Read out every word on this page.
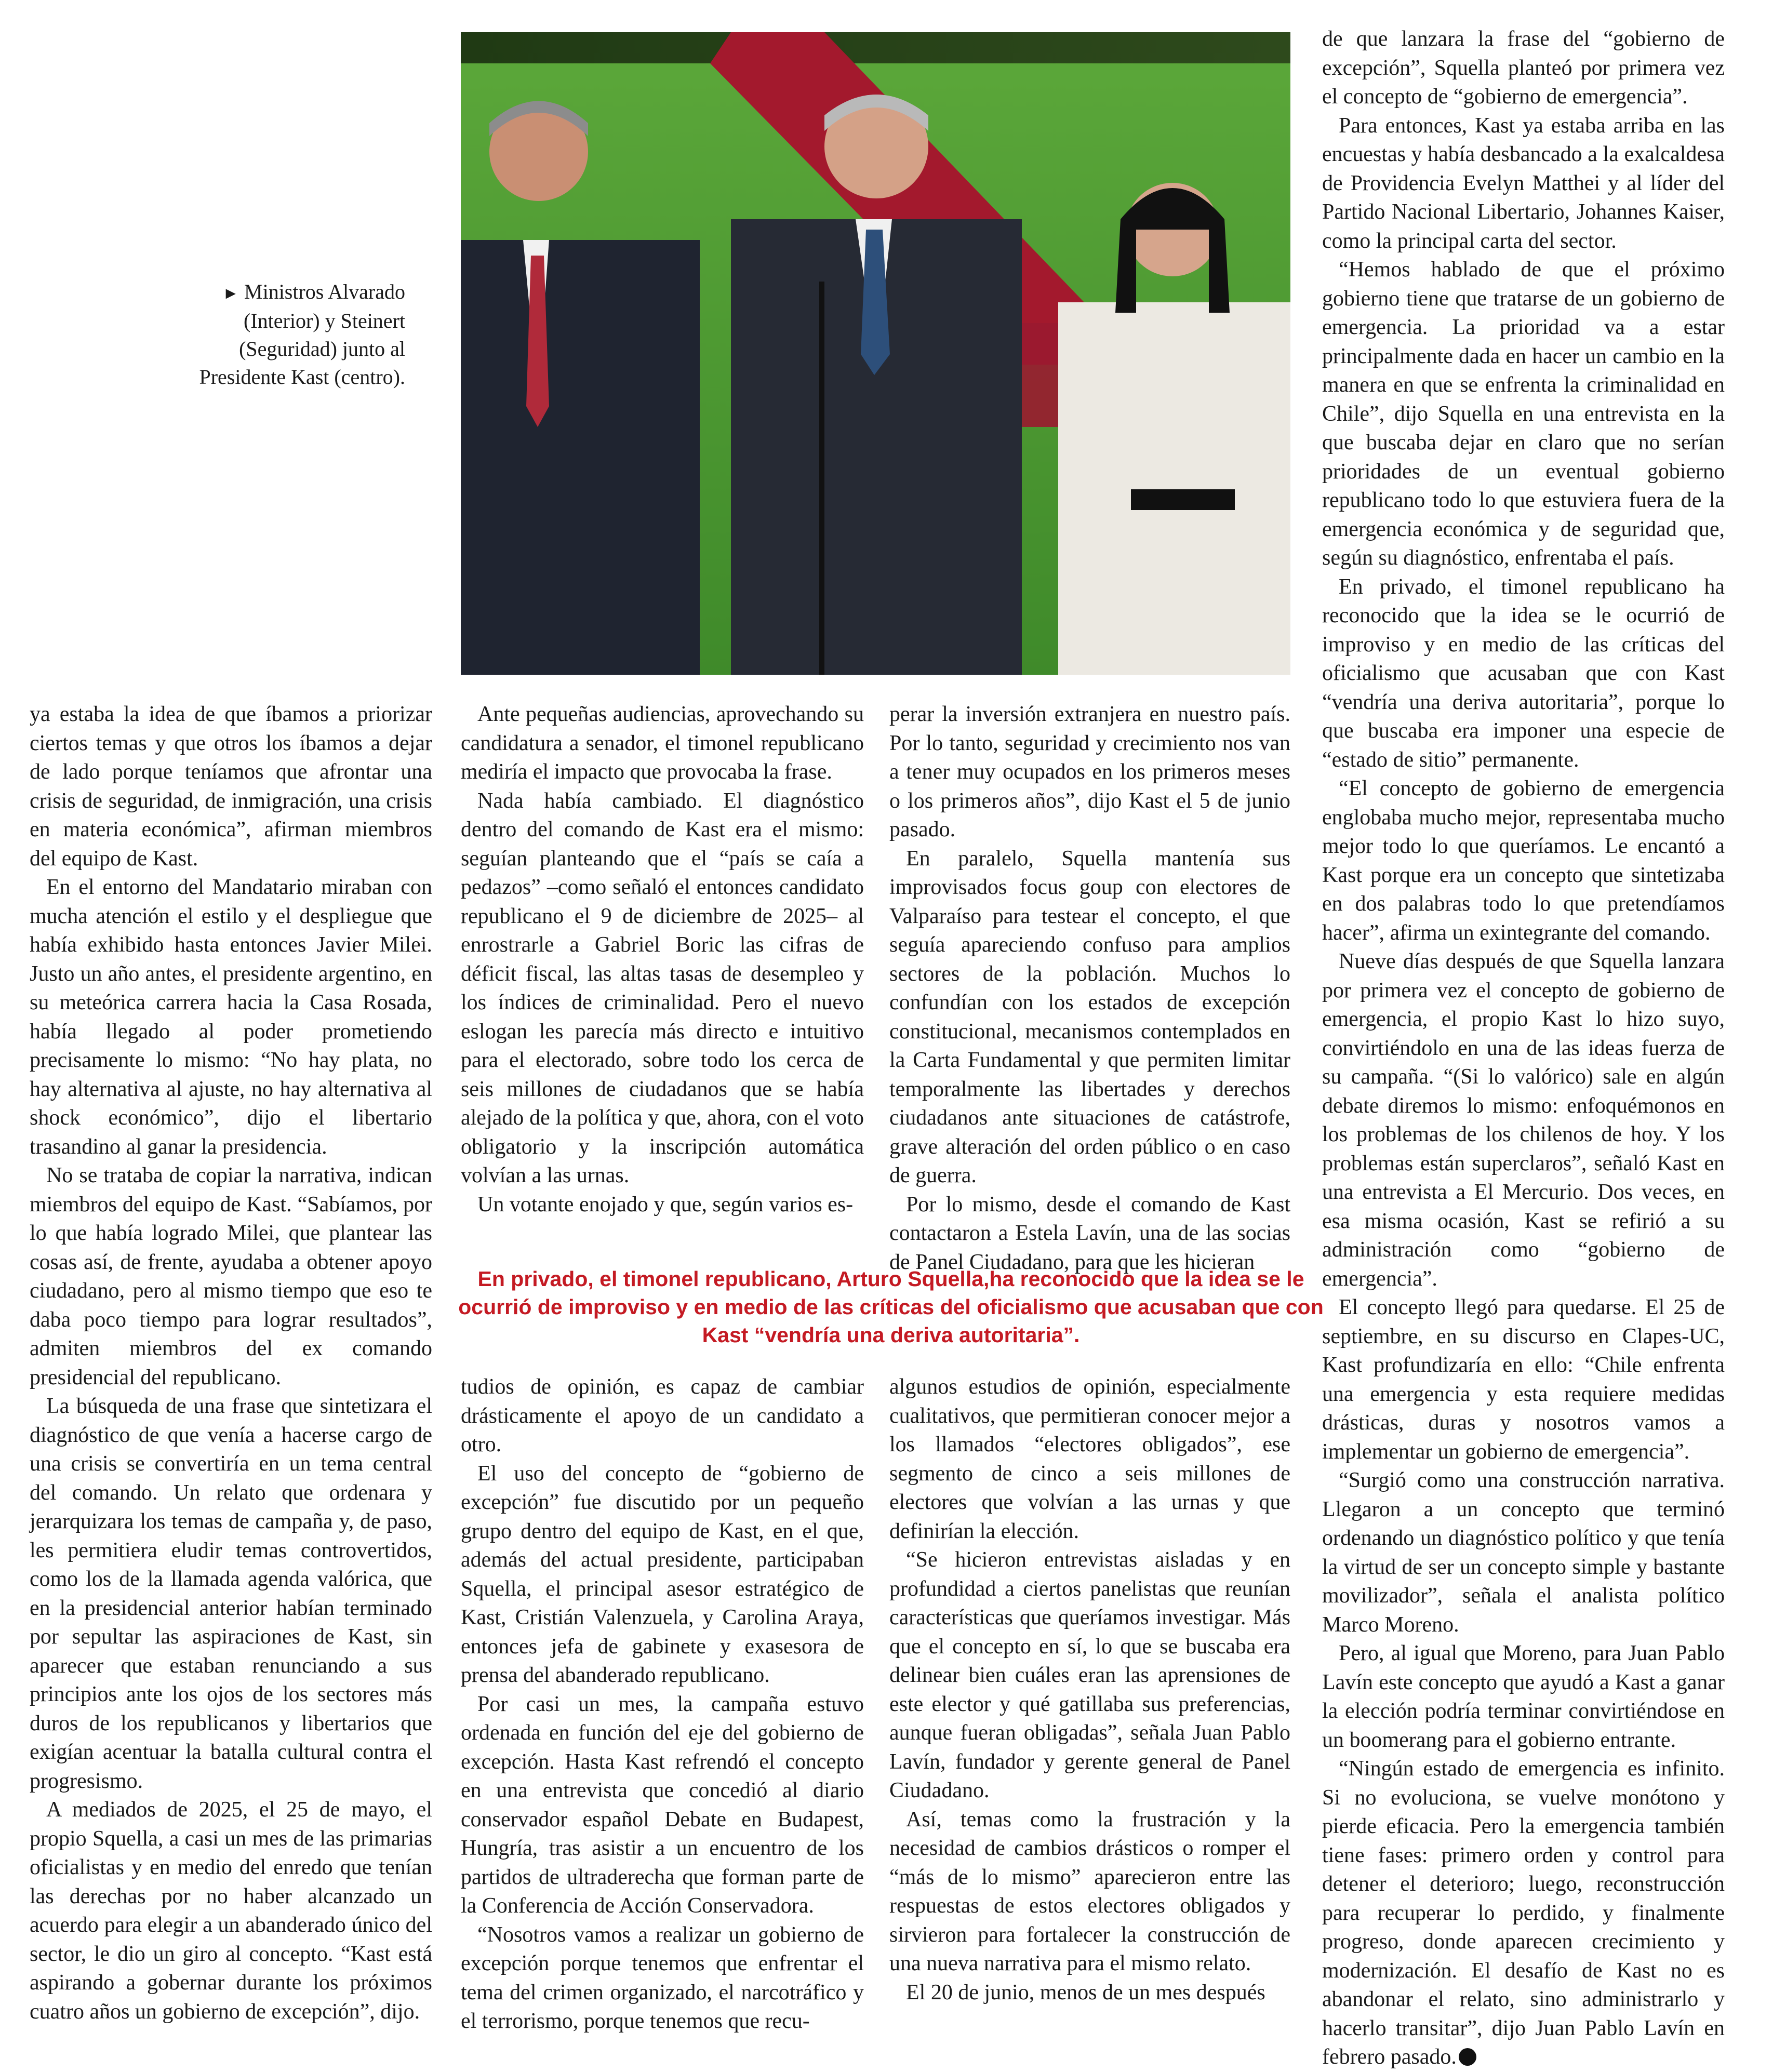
► Ministros Alvarado (Interior) y Steinert (Seguridad) junto al Presidente Kast (centro).

ya estaba la idea de que íbamos a priorizar ciertos temas y que otros los íbamos a dejar de lado porque teníamos que afrontar una crisis de seguridad, de inmigración, una crisis en materia económica”, afirman miembros del equipo de Kast.

En el entorno del Mandatario miraban con mucha atención el estilo y el despliegue que había exhibido hasta entonces Javier Milei. Justo un año antes, el presidente argentino, en su meteórica carrera hacia la Casa Rosada, había llegado al poder prometiendo precisamente lo mismo: “No hay plata, no hay alternativa al ajuste, no hay alternativa al shock económico”, dijo el libertario trasandino al ganar la presidencia.

No se trataba de copiar la narrativa, indican miembros del equipo de Kast. “Sabíamos, por lo que había logrado Milei, que plantear las cosas así, de frente, ayudaba a obtener apoyo ciudadano, pero al mismo tiempo que eso te daba poco tiempo para lograr resultados”, admiten miembros del ex comando presidencial del republicano.

La búsqueda de una frase que sintetizara el diagnóstico de que venía a hacerse cargo de una crisis se convertiría en un tema central del comando. Un relato que ordenara y jerarquizara los temas de campaña y, de paso, les permitiera eludir temas controvertidos, como los de la llamada agenda valórica, que en la presidencial anterior habían terminado por sepultar las aspiraciones de Kast, sin aparecer que estaban renunciando a sus principios ante los ojos de los sectores más duros de los republicanos y libertarios que exigían acentuar la batalla cultural contra el progresismo.

A mediados de 2025, el 25 de mayo, el propio Squella, a casi un mes de las primarias oficialistas y en medio del enredo que tenían las derechas por no haber alcanzado un acuerdo para elegir a un abanderado único del sector, le dio un giro al concepto. “Kast está aspirando a gobernar durante los próximos cuatro años un gobierno de excepción”, dijo.

Ante pequeñas audiencias, aprovechando su candidatura a senador, el timonel republicano mediría el impacto que provocaba la frase.

Nada había cambiado. El diagnóstico dentro del comando de Kast era el mismo: seguían planteando que el “país se caía a pedazos” –como señaló el entonces candidato republicano el 9 de diciembre de 2025– al enrostrarle a Gabriel Boric las cifras de déficit fiscal, las altas tasas de desempleo y los índices de criminalidad. Pero el nuevo eslogan les parecía más directo e intuitivo para el electorado, sobre todo los cerca de seis millones de ciudadanos que se había alejado de la política y que, ahora, con el voto obligatorio y la inscripción automática volvían a las urnas.

Un votante enojado y que, según varios es-

perar la inversión extranjera en nuestro país. Por lo tanto, seguridad y crecimiento nos van a tener muy ocupados en los primeros meses o los primeros años”, dijo Kast el 5 de junio pasado.

En paralelo, Squella mantenía sus improvisados focus goup con electores de Valparaíso para testear el concepto, el que seguía apareciendo confuso para amplios sectores de la población. Muchos lo confundían con los estados de excepción constitucional, mecanismos contemplados en la Carta Fundamental y que permiten limitar temporalmente las libertades y derechos ciudadanos ante situaciones de catástrofe, grave alteración del orden público o en caso de guerra.

Por lo mismo, desde el comando de Kast contactaron a Estela Lavín, una de las socias de Panel Ciudadano, para que les hicieran

En privado, el timonel republicano, Arturo Squella,ha reconocido que la idea se le ocurrió de improviso y en medio de las críticas del oficialismo que acusaban que con Kast “vendría una deriva autoritaria”.

tudios de opinión, es capaz de cambiar drásticamente el apoyo de un candidato a otro.

El uso del concepto de “gobierno de excepción” fue discutido por un pequeño grupo dentro del equipo de Kast, en el que, además del actual presidente, participaban Squella, el principal asesor estratégico de Kast, Cristián Valenzuela, y Carolina Araya, entonces jefa de gabinete y exasesora de prensa del abanderado republicano.

Por casi un mes, la campaña estuvo ordenada en función del eje del gobierno de excepción. Hasta Kast refrendó el concepto en una entrevista que concedió al diario conservador español Debate en Budapest, Hungría, tras asistir a un encuentro de los partidos de ultraderecha que forman parte de la Conferencia de Acción Conservadora.

“Nosotros vamos a realizar un gobierno de excepción porque tenemos que enfrentar el tema del crimen organizado, el narcotráfico y el terrorismo, porque tenemos que recu-

algunos estudios de opinión, especialmente cualitativos, que permitieran conocer mejor a los llamados “electores obligados”, ese segmento de cinco a seis millones de electores que volvían a las urnas y que definirían la elección.

“Se hicieron entrevistas aisladas y en profundidad a ciertos panelistas que reunían características que queríamos investigar. Más que el concepto en sí, lo que se buscaba era delinear bien cuáles eran las aprensiones de este elector y qué gatillaba sus preferencias, aunque fueran obligadas”, señala Juan Pablo Lavín, fundador y gerente general de Panel Ciudadano.

Así, temas como la frustración y la necesidad de cambios drásticos o romper el “más de lo mismo” aparecieron entre las respuestas de estos electores obligados y sirvieron para fortalecer la construcción de una nueva narrativa para el mismo relato.

El 20 de junio, menos de un mes después

de que lanzara la frase del “gobierno de excepción”, Squella planteó por primera vez el concepto de “gobierno de emergencia”.

Para entonces, Kast ya estaba arriba en las encuestas y había desbancado a la exalcaldesa de Providencia Evelyn Matthei y al líder del Partido Nacional Libertario, Johannes Kaiser, como la principal carta del sector.

“Hemos hablado de que el próximo gobierno tiene que tratarse de un gobierno de emergencia. La prioridad va a estar principalmente dada en hacer un cambio en la manera en que se enfrenta la criminalidad en Chile”, dijo Squella en una entrevista en la que buscaba dejar en claro que no serían prioridades de un eventual gobierno republicano todo lo que estuviera fuera de la emergencia económica y de seguridad que, según su diagnóstico, enfrentaba el país.

En privado, el timonel republicano ha reconocido que la idea se le ocurrió de improviso y en medio de las críticas del oficialismo que acusaban que con Kast “vendría una deriva autoritaria”, porque lo que buscaba era imponer una especie de “estado de sitio” permanente.

“El concepto de gobierno de emergencia englobaba mucho mejor, representaba mucho mejor todo lo que queríamos. Le encantó a Kast porque era un concepto que sintetizaba en dos palabras todo lo que pretendíamos hacer”, afirma un exintegrante del comando.

Nueve días después de que Squella lanzara por primera vez el concepto de gobierno de emergencia, el propio Kast lo hizo suyo, convirtiéndolo en una de las ideas fuerza de su campaña. “(Si lo valórico) sale en algún debate diremos lo mismo: enfoquémonos en los problemas de los chilenos de hoy. Y los problemas están superclaros”, señaló Kast en una entrevista a El Mercurio. Dos veces, en esa misma ocasión, Kast se refirió a su administración como “gobierno de emergencia”.

El concepto llegó para quedarse. El 25 de septiembre, en su discurso en Clapes-UC, Kast profundizaría en ello: “Chile enfrenta una emergencia y esta requiere medidas drásticas, duras y nosotros vamos a implementar un gobierno de emergencia”.

“Surgió como una construcción narrativa. Llegaron a un concepto que terminó ordenando un diagnóstico político y que tenía la virtud de ser un concepto simple y bastante movilizador”, señala el analista político Marco Moreno.

Pero, al igual que Moreno, para Juan Pablo Lavín este concepto que ayudó a Kast a ganar la elección podría terminar convirtiéndose en un boomerang para el gobierno entrante.

“Ningún estado de emergencia es infinito. Si no evoluciona, se vuelve monótono y pierde eficacia. Pero la emergencia también tiene fases: primero orden y control para detener el deterioro; luego, reconstrucción para recuperar lo perdido, y finalmente progreso, donde aparecen crecimiento y modernización. El desafío de Kast no es abandonar el relato, sino administrarlo y hacerlo transitar”, dijo Juan Pablo Lavín en febrero pasado.
